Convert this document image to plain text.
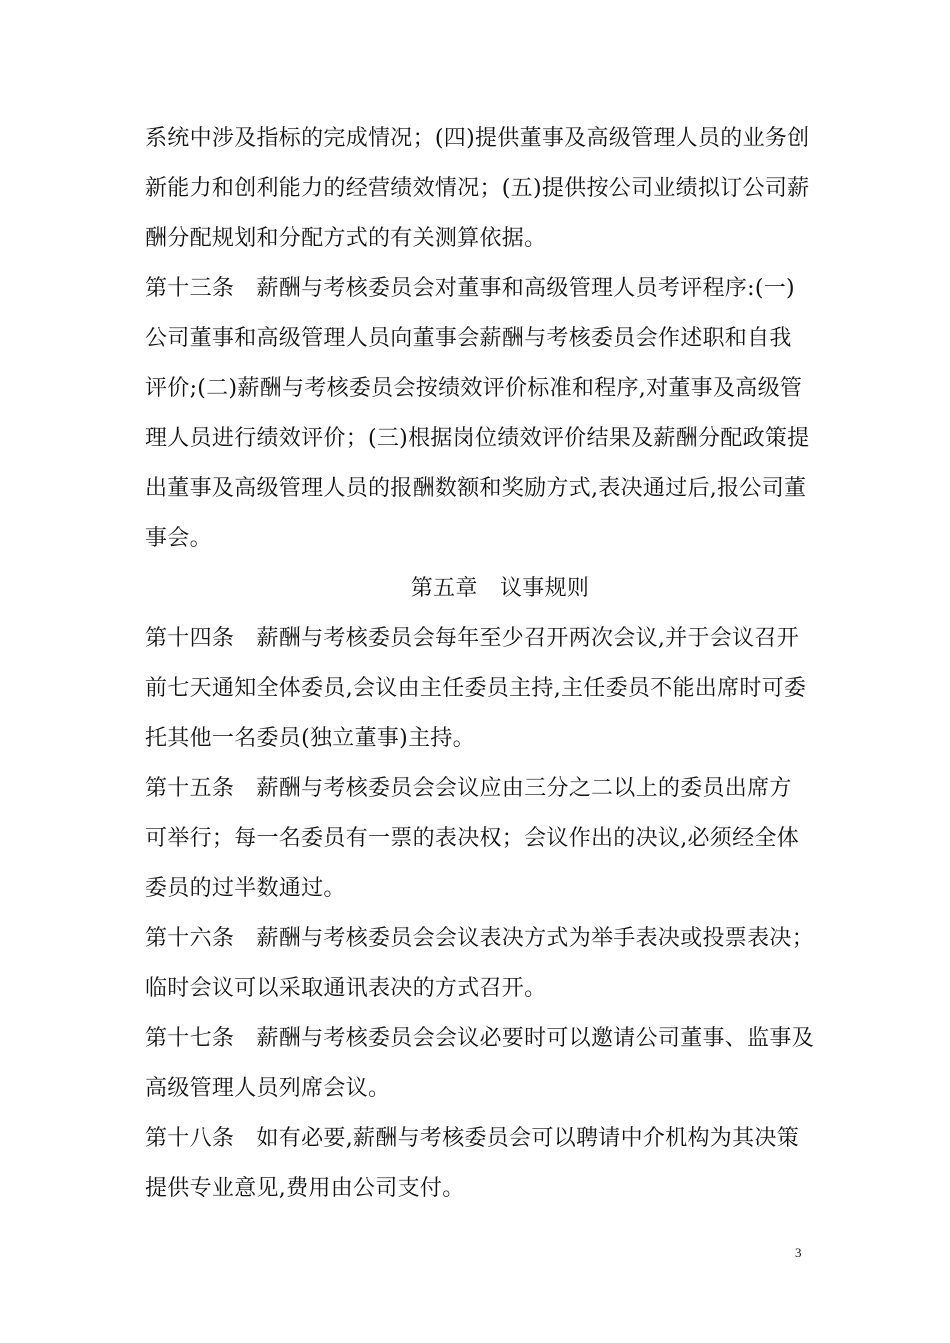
系统中涉及指标的完成情况；(四)提供董事及高级管理人员的业务创
新能力和创利能力的经营绩效情况；(五)提供按公司业绩拟订公司薪
酬分配规划和分配方式的有关测算依据。
第十三条　薪酬与考核委员会对董事和高级管理人员考评程序:(一)
公司董事和高级管理人员向董事会薪酬与考核委员会作述职和自我
评价;(二)薪酬与考核委员会按绩效评价标准和程序,对董事及高级管
理人员进行绩效评价；(三)根据岗位绩效评价结果及薪酬分配政策提
出董事及高级管理人员的报酬数额和奖励方式,表决通过后,报公司董
事会。
第五章　议事规则
第十四条　薪酬与考核委员会每年至少召开两次会议,并于会议召开
前七天通知全体委员,会议由主任委员主持,主任委员不能出席时可委
托其他一名委员(独立董事)主持。
第十五条　薪酬与考核委员会会议应由三分之二以上的委员出席方
可举行；每一名委员有一票的表决权；会议作出的决议,必须经全体
委员的过半数通过。
第十六条　薪酬与考核委员会会议表决方式为举手表决或投票表决；
临时会议可以采取通讯表决的方式召开。
第十七条　薪酬与考核委员会会议必要时可以邀请公司董事、监事及
高级管理人员列席会议。
第十八条　如有必要,薪酬与考核委员会可以聘请中介机构为其决策
提供专业意见,费用由公司支付。
3
